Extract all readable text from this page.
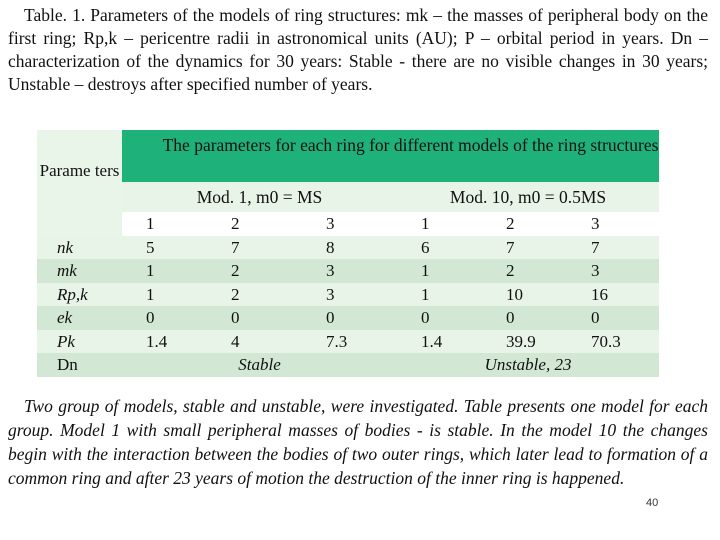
Table. 1. Parameters of the models of ring structures: mk – the masses of peripheral body on the first ring; Rp,k – pericentre radii in astronomical units (AU); P – orbital period in years. Dn – characterization of the dynamics for 30 years: Stable - there are no visible changes in 30 years; Unstable – destroys after specified number of years.
Parame ters	The parameters for each ring for different models of the ring structures					

	Mod. 1, m0 = MS			Mod. 10, m0 = 0.5MS		

	1	2	3	1	2	3
nk	5	7	8	6	7	7
mk	1	2	3	1	2	3
Rp,k	1	2	3	1	10	16
ek	0	0	0	0	0	0
Pk	1.4	4	7.3	1.4	39.9	70.3
Dn	Stable			Unstable, 23		
Two group of models, stable and unstable, were investigated. Table presents one model for each group. Model 1 with small peripheral masses of bodies - is stable. In the model 10 the changes begin with the interaction between the bodies of two outer rings, which later lead to formation of a common ring and after 23 years of motion the destruction of the inner ring is happened.
40
